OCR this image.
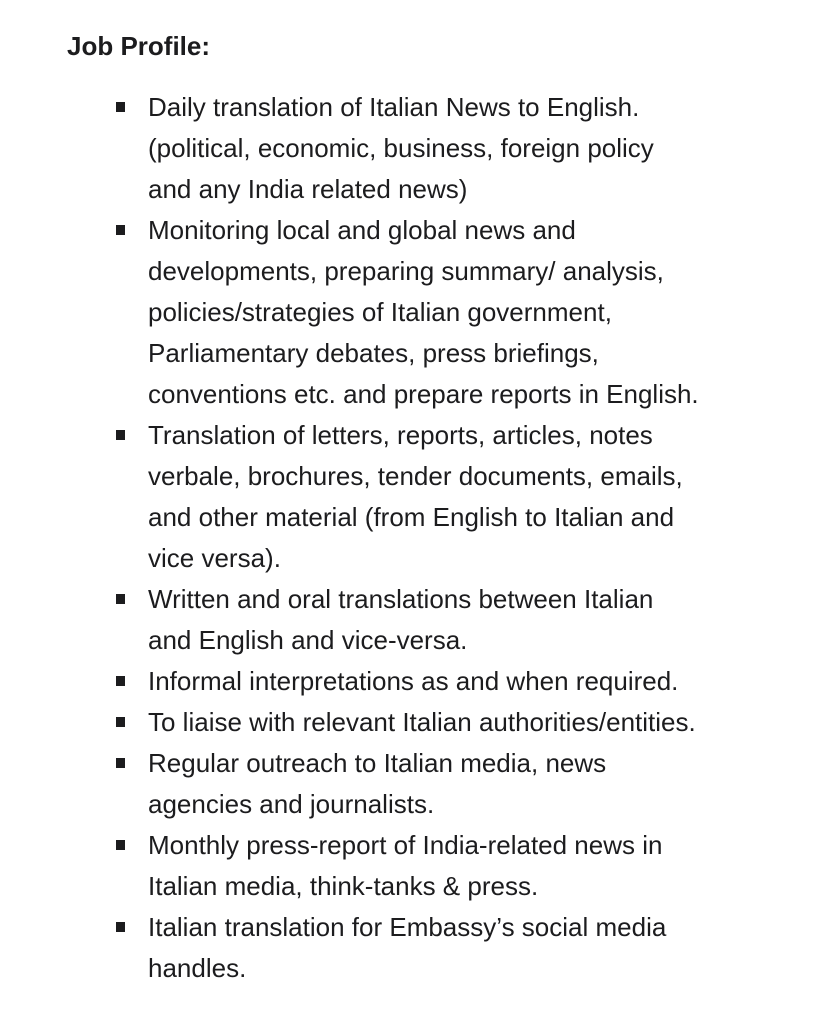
Job Profile:
Daily translation of Italian News to English.
(political, economic, business, foreign policy
and any India related news)
Monitoring local and global news and
developments, preparing summary/ analysis,
policies/strategies of Italian government,
Parliamentary debates, press briefings,
conventions etc. and prepare reports in English.
Translation of letters, reports, articles, notes
verbale, brochures, tender documents, emails,
and other material (from English to Italian and
vice versa).
Written and oral translations between Italian
and English and vice-versa.
Informal interpretations as and when required.
To liaise with relevant Italian authorities/entities.
Regular outreach to Italian media, news
agencies and journalists.
Monthly press-report of India-related news in
Italian media, think-tanks & press.
Italian translation for Embassy’s social media
handles.
